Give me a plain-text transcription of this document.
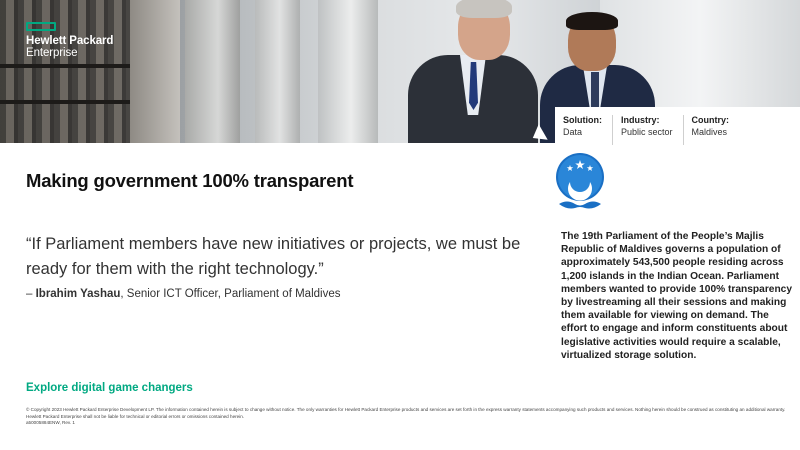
Hewlett Packard
Enterprise
Solution:
Data
Industry:
Public sector
Country:
Maldives
Making government 100% transparent

“If Parliament members have new initiatives or projects, we must be ready for them with the right technology.”

– Ibrahim Yashau, Senior ICT Officer, Parliament of Maldives

The 19th Parliament of the People’s Majlis Republic of Maldives governs a population of approximately 543,500 people residing across 1,200 islands in the Indian Ocean. Parliament members wanted to provide 100% transparency by livestreaming all their sessions and making them available for viewing on demand. The effort to engage and inform constituents about legislative activities would require a scalable, virtualized storage solution.

Explore digital game changers
© Copyright 2023 Hewlett Packard Enterprise Development LP. The information contained herein is subject to change without notice. The only warranties for Hewlett Packard Enterprise products and services are set forth in the express warranty statements accompanying such products and services. Nothing herein should be construed as constituting an additional warranty. Hewlett Packard Enterprise shall not be liable for technical or editorial errors or omissions contained herein.
a50005884ENW, Rev. 1
